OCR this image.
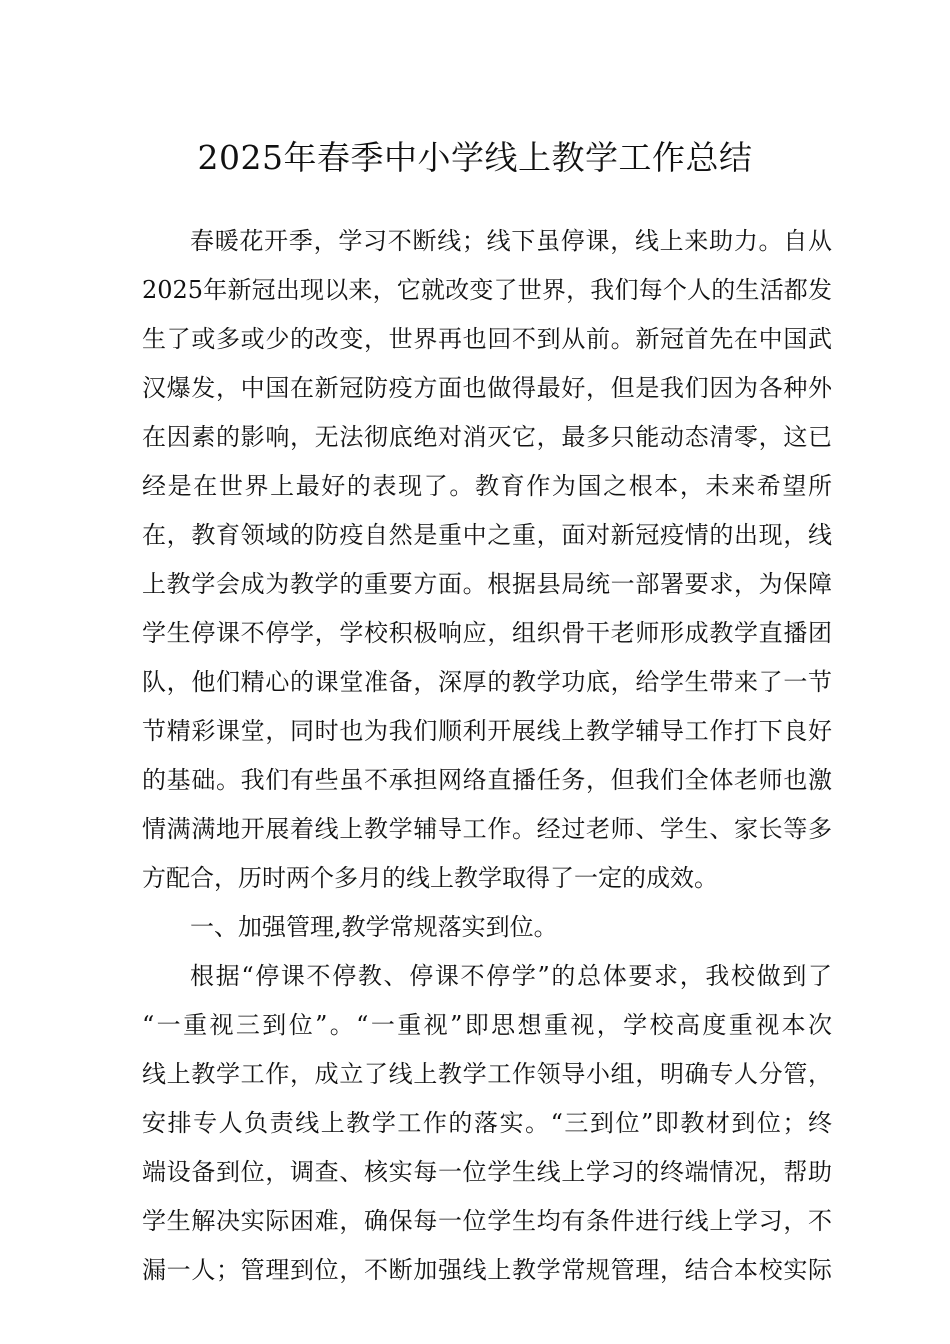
2025年春季中小学线上教学工作总结
春暖花开季，学习不断线；线下虽停课，线上来助力。自从
2025年新冠出现以来，它就改变了世界，我们每个人的生活都发
生了或多或少的改变，世界再也回不到从前。新冠首先在中国武
汉爆发，中国在新冠防疫方面也做得最好，但是我们因为各种外
在因素的影响，无法彻底绝对消灭它，最多只能动态清零，这已
经是在世界上最好的表现了。教育作为国之根本，未来希望所
在，教育领域的防疫自然是重中之重，面对新冠疫情的出现，线
上教学会成为教学的重要方面。根据县局统一部署要求，为保障
学生停课不停学，学校积极响应，组织骨干老师形成教学直播团
队，他们精心的课堂准备，深厚的教学功底，给学生带来了一节
节精彩课堂，同时也为我们顺利开展线上教学辅导工作打下良好
的基础。我们有些虽不承担网络直播任务，但我们全体老师也激
情满满地开展着线上教学辅导工作。经过老师、学生、家长等多
方配合，历时两个多月的线上教学取得了一定的成效。
一、加强管理,教学常规落实到位。
根据“停课不停教、停课不停学”的总体要求，我校做到了
“一重视三到位”。“一重视”即思想重视，学校高度重视本次
线上教学工作，成立了线上教学工作领导小组，明确专人分管，
安排专人负责线上教学工作的落实。“三到位”即教材到位；终
端设备到位，调查、核实每一位学生线上学习的终端情况，帮助
学生解决实际困难，确保每一位学生均有条件进行线上学习，不
漏一人；管理到位，不断加强线上教学常规管理，结合本校实际
